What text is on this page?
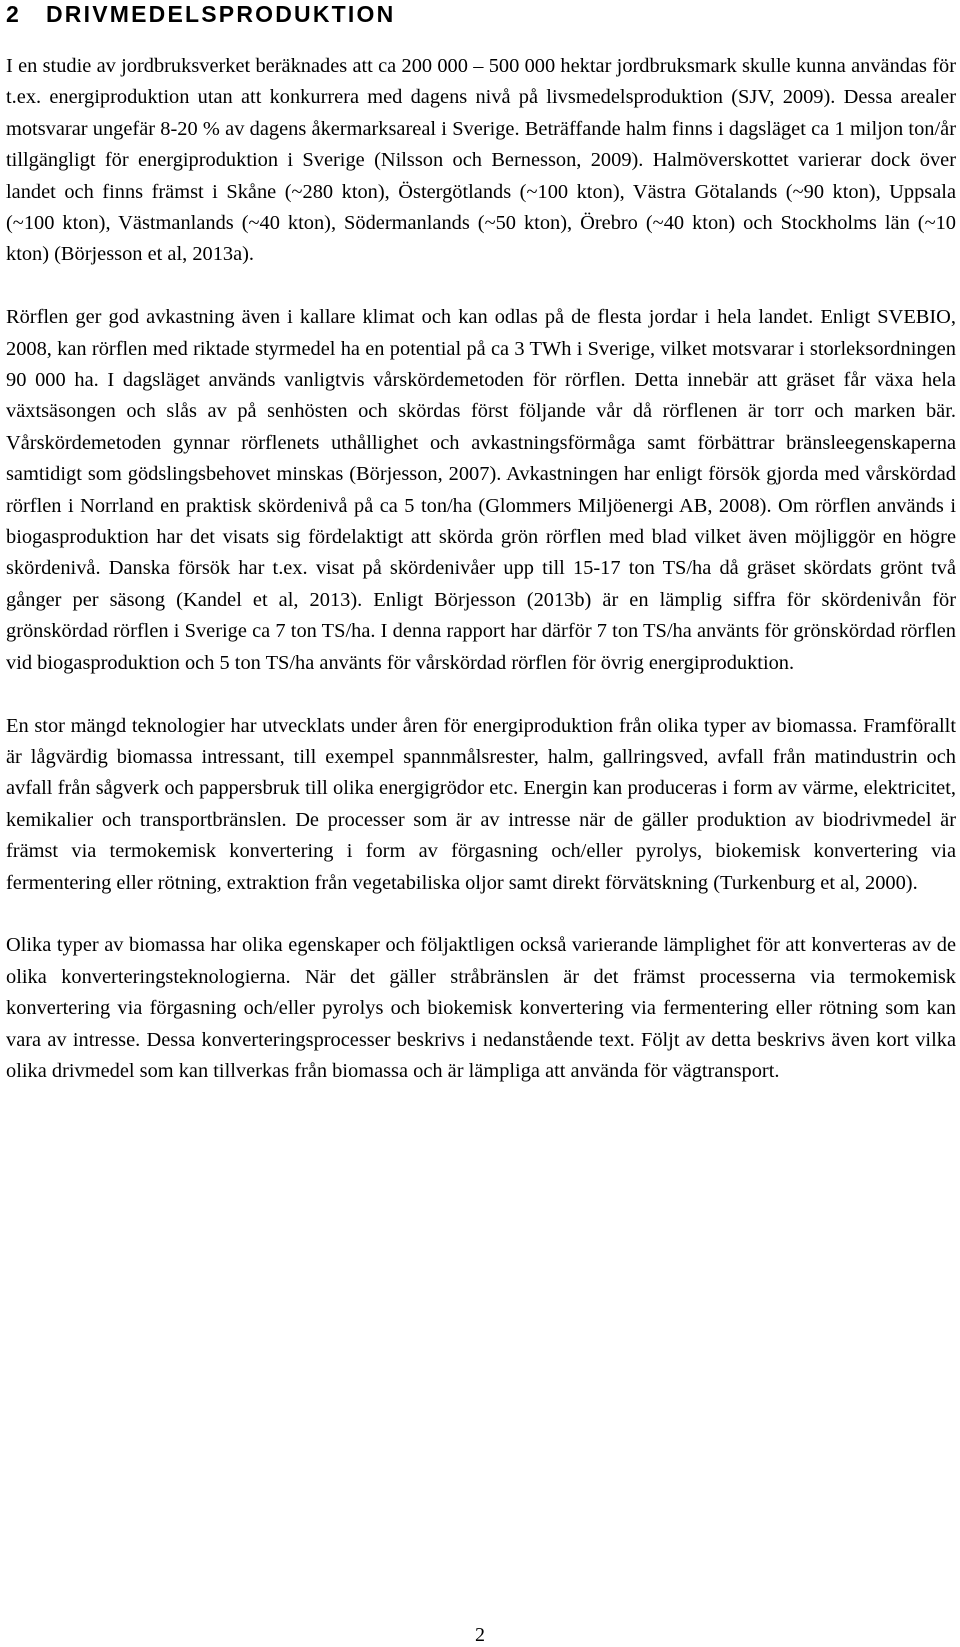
2 DRIVMEDELSPRODUKTION

I en studie av jordbruksverket beräknades att ca 200 000 – 500 000 hektar jordbruksmark skulle kunna användas för t.ex. energiproduktion utan att konkurrera med dagens nivå på livsmedelsproduktion (SJV, 2009). Dessa arealer motsvarar ungefär 8-20 % av dagens åkermarksareal i Sverige. Beträffande halm finns i dagsläget ca 1 miljon ton/år tillgängligt för energiproduktion i Sverige (Nilsson och Bernesson, 2009). Halmöverskottet varierar dock över landet och finns främst i Skåne (~280 kton), Östergötlands (~100 kton), Västra Götalands (~90 kton), Uppsala (~100 kton), Västmanlands (~40 kton), Södermanlands (~50 kton), Örebro (~40 kton) och Stockholms län (~10 kton) (Börjesson et al, 2013a).

Rörflen ger god avkastning även i kallare klimat och kan odlas på de flesta jordar i hela landet. Enligt SVEBIO, 2008, kan rörflen med riktade styrmedel ha en potential på ca 3 TWh i Sverige, vilket motsvarar i storleksordningen 90 000 ha. I dagsläget används vanligtvis vårskördemetoden för rörflen. Detta innebär att gräset får växa hela växtsäsongen och slås av på senhösten och skördas först följande vår då rörflenen är torr och marken bär. Vårskördemetoden gynnar rörflenets uthållighet och avkastningsförmåga samt förbättrar bränsleegenskaperna samtidigt som gödslingsbehovet minskas (Börjesson, 2007). Avkastningen har enligt försök gjorda med vårskördad rörflen i Norrland en praktisk skördenivå på ca 5 ton/ha (Glommers Miljöenergi AB, 2008). Om rörflen används i biogasproduktion har det visats sig fördelaktigt att skörda grön rörflen med blad vilket även möjliggör en högre skördenivå. Danska försök har t.ex. visat på skördenivåer upp till 15-17 ton TS/ha då gräset skördats grönt två gånger per säsong (Kandel et al, 2013). Enligt Börjesson (2013b) är en lämplig siffra för skördenivån för grönskördad rörflen i Sverige ca 7 ton TS/ha. I denna rapport har därför 7 ton TS/ha använts för grönskördad rörflen vid biogasproduktion och 5 ton TS/ha använts för vårskördad rörflen för övrig energiproduktion.

En stor mängd teknologier har utvecklats under åren för energiproduktion från olika typer av biomassa. Framförallt är lågvärdig biomassa intressant, till exempel spannmålsrester, halm, gallringsved, avfall från matindustrin och avfall från sågverk och pappersbruk till olika energigrödor etc. Energin kan produceras i form av värme, elektricitet, kemikalier och transportbränslen. De processer som är av intresse när de gäller produktion av biodrivmedel är främst via termokemisk konvertering i form av förgasning och/eller pyrolys, biokemisk konvertering via fermentering eller rötning, extraktion från vegetabiliska oljor samt direkt förvätskning (Turkenburg et al, 2000).

Olika typer av biomassa har olika egenskaper och följaktligen också varierande lämplighet för att konverteras av de olika konverteringsteknologierna. När det gäller stråbränslen är det främst processerna via termokemisk konvertering via förgasning och/eller pyrolys och biokemisk konvertering via fermentering eller rötning som kan vara av intresse. Dessa konverteringsprocesser beskrivs i nedanstående text. Följt av detta beskrivs även kort vilka olika drivmedel som kan tillverkas från biomassa och är lämpliga att använda för vägtransport.

2
